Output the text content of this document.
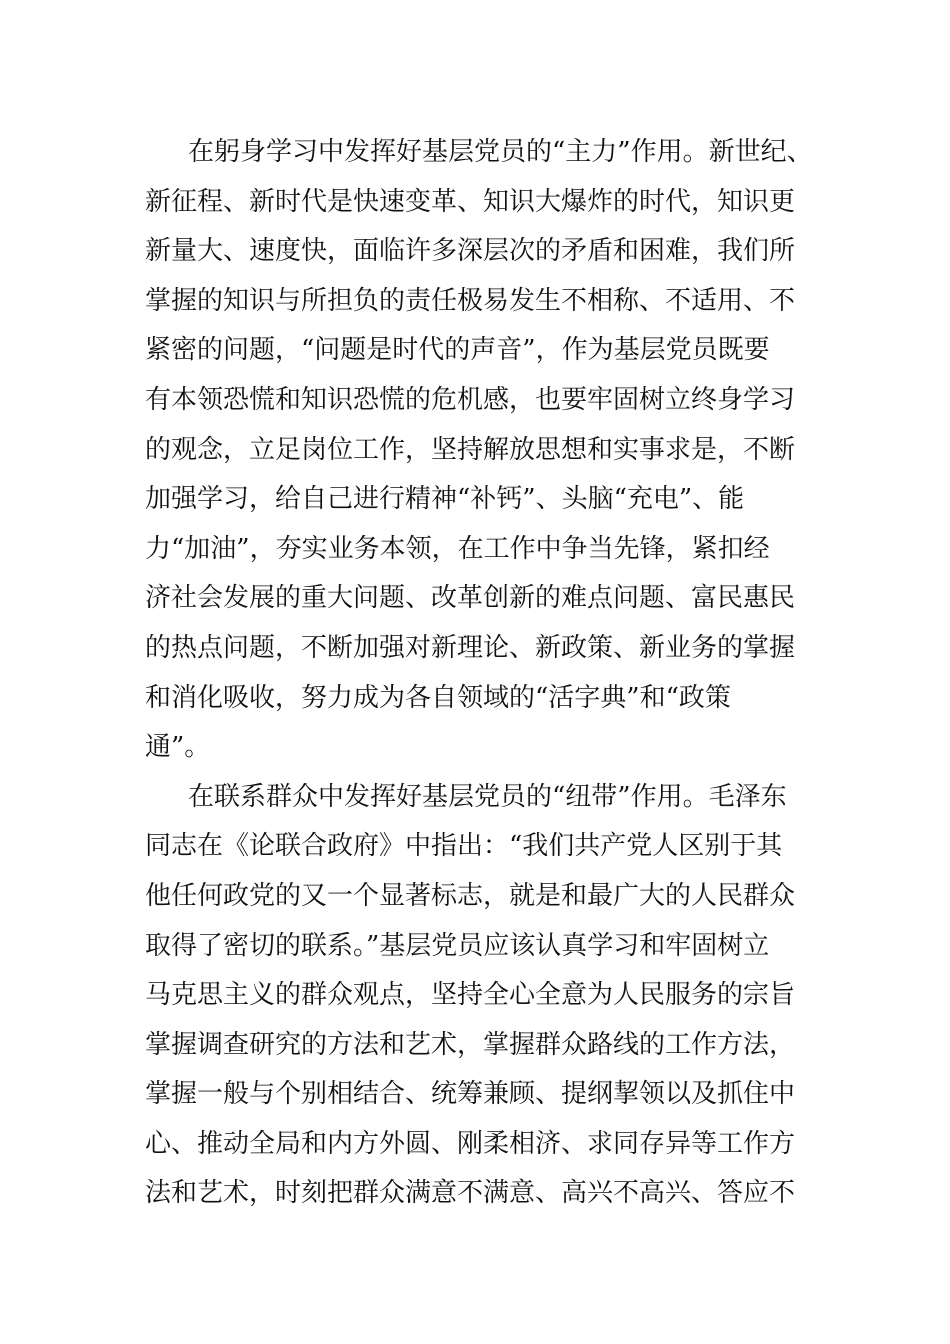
在躬身学习中发挥好基层党员的“主力”作用。新世纪、
新征程、新时代是快速变革、知识大爆炸的时代，知识更
新量大、速度快，面临许多深层次的矛盾和困难，我们所
掌握的知识与所担负的责任极易发生不相称、不适用、不
紧密的问题，“问题是时代的声音”，作为基层党员既要
有本领恐慌和知识恐慌的危机感，也要牢固树立终身学习
的观念，立足岗位工作，坚持解放思想和实事求是，不断
加强学习，给自己进行精神“补钙”、头脑“充电”、能
力“加油”，夯实业务本领，在工作中争当先锋，紧扣经
济社会发展的重大问题、改革创新的难点问题、富民惠民
的热点问题，不断加强对新理论、新政策、新业务的掌握
和消化吸收，努力成为各自领域的“活字典”和“政策
通”。
在联系群众中发挥好基层党员的“纽带”作用。毛泽东
同志在《论联合政府》中指出：“我们共产党人区别于其
他任何政党的又一个显著标志，就是和最广大的人民群众
取得了密切的联系。”基层党员应该认真学习和牢固树立
马克思主义的群众观点，坚持全心全意为人民服务的宗旨
掌握调查研究的方法和艺术，掌握群众路线的工作方法，
掌握一般与个别相结合、统筹兼顾、提纲挈领以及抓住中
心、推动全局和内方外圆、刚柔相济、求同存异等工作方
法和艺术，时刻把群众满意不满意、高兴不高兴、答应不
